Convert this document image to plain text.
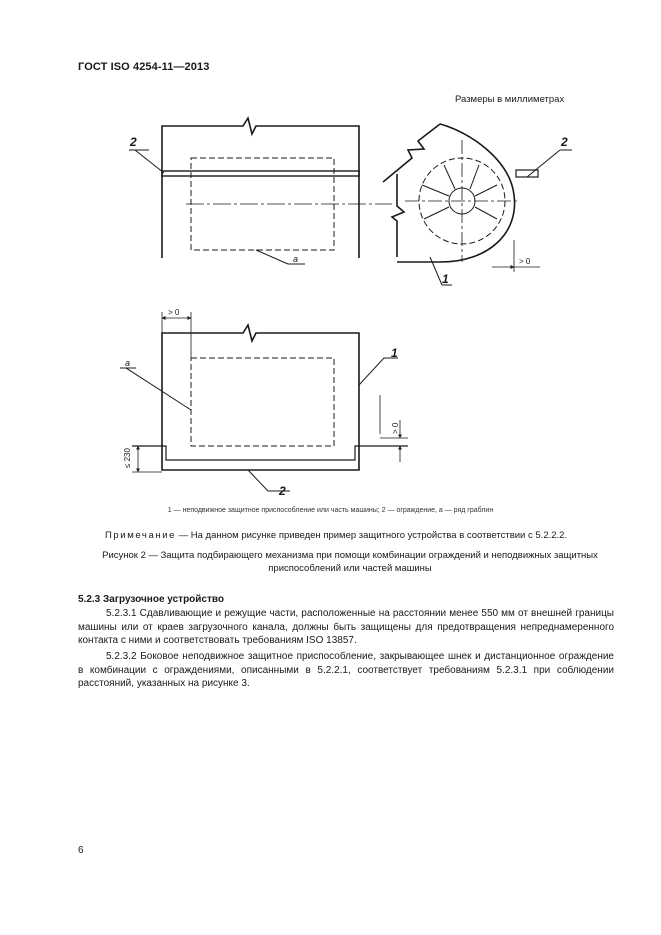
ГОСТ ISO 4254-11—2013
Размеры в миллиметрах
2
a
2
1
> 0
> 0
a
1
2
> 0
≤ 230
1 — неподвижное защитное приспособление или часть машины; 2 — ограждение, a — ряд граблин
Примечание — На данном рисунке приведен пример защитного устройства в соответствии с 5.2.2.2.
Рисунок 2 — Защита подбирающего механизма при помощи комбинации ограждений и неподвижных защитных
приспособлений или частей машины
5.2.3 Загрузочное устройство
5.2.3.1 Сдавливающие и режущие части, расположенные на расстоянии менее 550 мм от внешней границы машины или от краев загрузочного канала, должны быть защищены для предотвращения непреднамеренного контакта с ними и соответствовать требованиям ISO 13857.
5.2.3.2 Боковое неподвижное защитное приспособление, закрывающее шнек и дистанционное ограждение в комбинации с ограждениями, описанными в 5.2.2.1, соответствует требованиям 5.2.3.1 при соблюдении расстояний, указанных на рисунке 3.
6
